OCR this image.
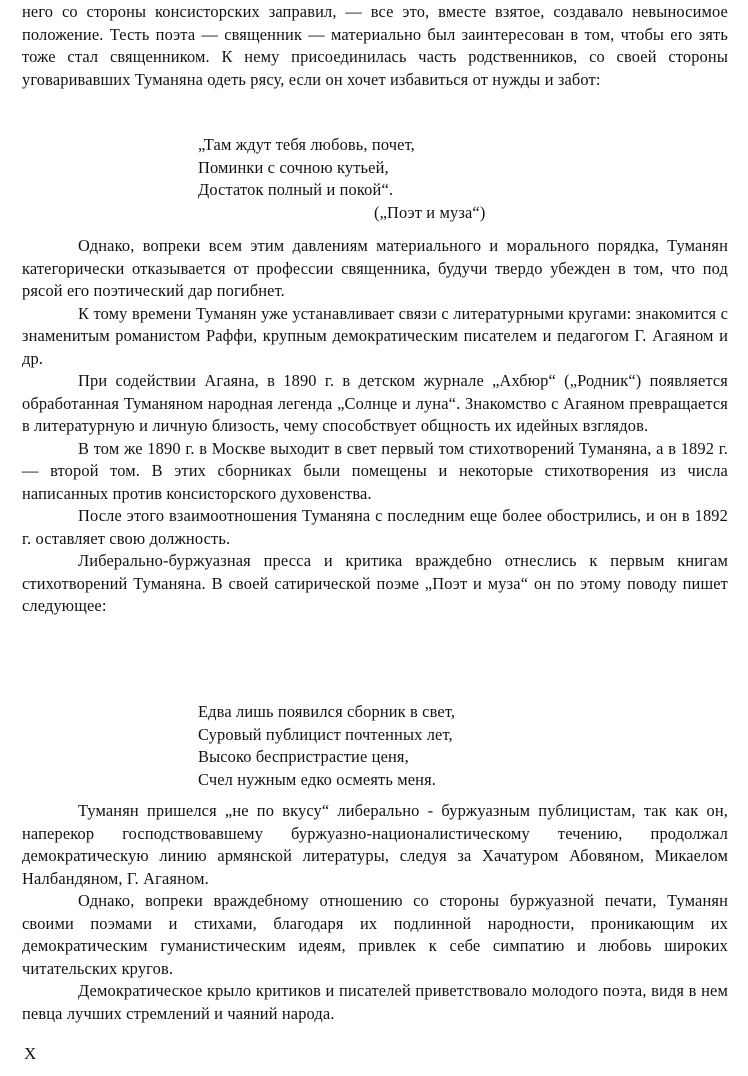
него со стороны консисторских заправил, — все это, вместе взятое, создавало невыносимое положение. Тесть поэта — священник — материально был заинтересован в том, чтобы его зять тоже стал священником. К нему присоединилась часть родственников, со своей стороны уговаривавших Туманяна одеть рясу, если он хочет избавиться от нужды и забот:

„Там ждут тебя любовь, почет,
Поминки с сочною кутьей,
Достаток полный и покой“.
(„Поэт и муза“)

Однако, вопреки всем этим давлениям материального и морального порядка, Туманян категорически отказывается от профессии священника, будучи твердо убежден в том, что под рясой его поэтический дар погибнет.

К тому времени Туманян уже устанавливает связи с литературными кругами: знакомится с знаменитым романистом Раффи, крупным демократическим писателем и педагогом Г. Агаяном и др.

При содействии Агаяна, в 1890 г. в детском журнале „Ахбюр“ („Родник“) появляется обработанная Туманяном народная легенда „Солнце и луна“. Знакомство с Агаяном превращается в литературную и личную близость, чему способствует общность их идейных взглядов.

В том же 1890 г. в Москве выходит в свет первый том стихотворений Туманяна, а в 1892 г. — второй том. В этих сборниках были помещены и некоторые стихотворения из числа написанных против консисторского духовенства.

После этого взаимоотношения Туманяна с последним еще более обострились, и он в 1892 г. оставляет свою должность.

Либерально-буржуазная пресса и критика враждебно отнеслись к первым книгам стихотворений Туманяна. В своей сатирической поэме „Поэт и муза“ он по этому поводу пишет следующее:

Едва лишь появился сборник в свет,
Суровый публицист почтенных лет,
Высоко беспристрастие ценя,
Счел нужным едко осмеять меня.

Туманян пришелся „не по вкусу“ либерально - буржуазным публицистам, так как он, наперекор господствовавшему буржуазно-националистическому течению, продолжал демократическую линию армянской литературы, следуя за Хачатуром Абовяном, Микаелом Налбандяном, Г. Агаяном.

Однако, вопреки враждебному отношению со стороны буржуазной печати, Туманян своими поэмами и стихами, благодаря их подлинной народности, проникающим их демократическим гуманистическим идеям, привлек к себе симпатию и любовь широких читательских кругов.

Демократическое крыло критиков и писателей приветствовало молодого поэта, видя в нем певца лучших стремлений и чаяний народа.

X
